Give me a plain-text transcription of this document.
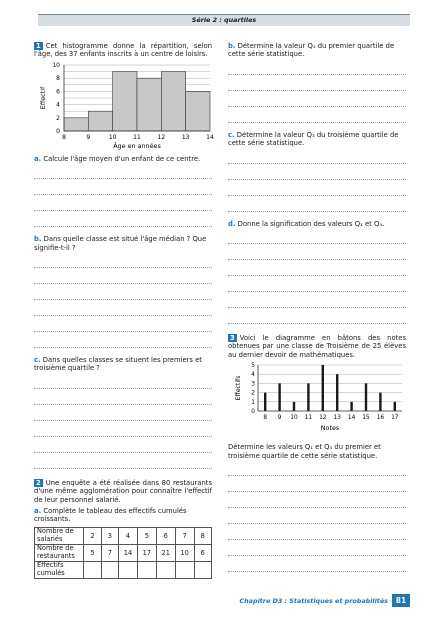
Série 2 : quartiles

1 Cet histogramme donne la répartition, selon l'âge, des 37 enfants inscrits à un centre de loisirs.

0
2
4
6
8
10
8	9	10	11	12	13	14
Âge en années
Effectif

a. Calcule l'âge moyen d'un enfant de ce centre.

b. Dans quelle classe est situé l'âge médian ? Que signifie-t-il ?

c. Dans quelles classes se situent les premiers et troisième quartile ?

2 Une enquête a été réalisée dans 80 restaurants d'une même agglomération pour connaître l'effectif de leur personnel salarié.

a. Complète le tableau des effectifs cumulés croissants.

Nombre de salariés	2	3	4	5	6	7	8
Nombre de restaurants	5	7	14	17	21	10	6
Effectifs cumulés							

b. Détermine la valeur Q₁ du premier quartile de cette série statistique.

c. Détermine la valeur Q₃ du troisième quartile de cette série statistique.

d. Donne la signification des valeurs Q₁ et Q₃.

3 Voici le diagramme en bâtons des notes obtenues par une classe de Troisième de 25 élèves au dernier devoir de mathématiques.

0
1
2
3
4
5
8 9 10 11 12 13 14 15 16 17
Notes
Effectifs

Détermine les valeurs Q₁ et Q₃ du premier et troisième quartile de cette série statistique.

Chapitre D3 : Statistiques et probabilités	81
